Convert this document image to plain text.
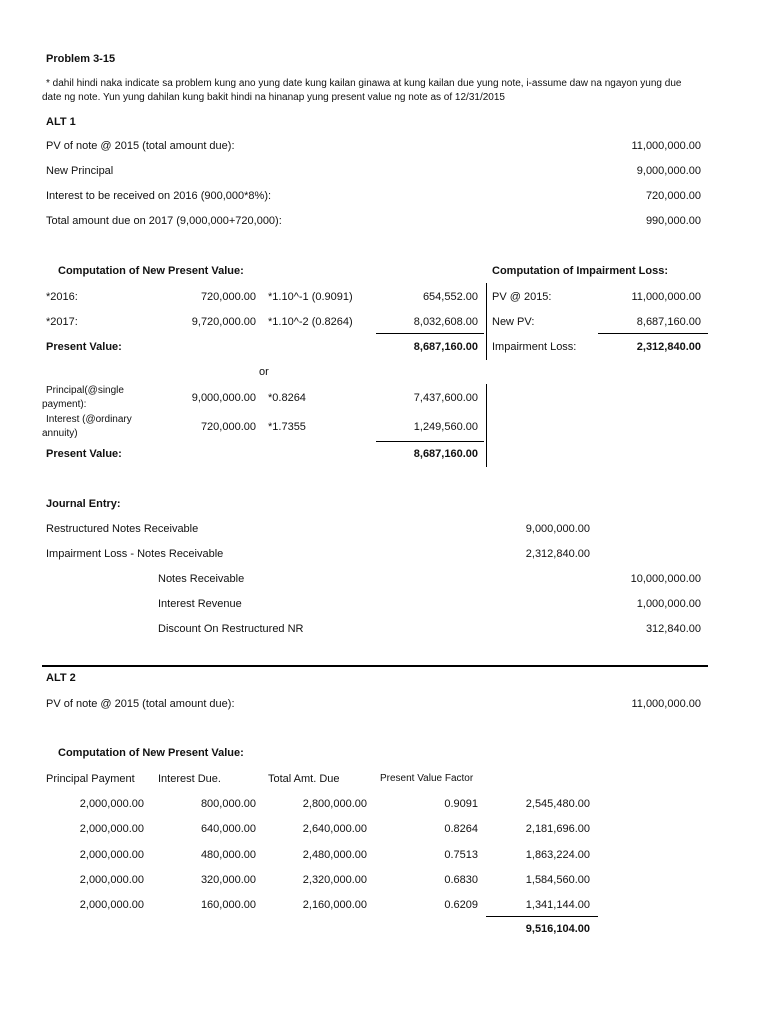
Problem 3-15
* dahil hindi naka indicate sa problem kung ano yung date kung kailan ginawa at kung kailan due yung note, i-assume daw na ngayon yung due
date ng note. Yun yung dahilan kung bakit hindi na hinanap yung present value ng note as of 12/31/2015
ALT 1
PV of note @ 2015 (total amount due):	11,000,000.00
New Principal	9,000,000.00
Interest to be received on 2016 (900,000*8%):	720,000.00
Total amount due on 2017 (9,000,000+720,000):	990,000.00
Computation of New Present Value:
*2016:	720,000.00 *1.10^-1 (0.9091)	654,552.00
*2017:	9,720,000.00 *1.10^-2 (0.8264)	8,032,608.00
Present Value:	8,687,160.00
or
Principal(@single
payment):
9,000,000.00 *0.8264	7,437,600.00
Interest (@ordinary
annuity)
720,000.00 *1.7355	1,249,560.00
Present Value:	8,687,160.00
Computation of Impairment Loss:
PV @ 2015:	11,000,000.00
New PV:	8,687,160.00
Impairment Loss:	2,312,840.00
Journal Entry:
Restructured Notes Receivable	9,000,000.00
Impairment Loss - Notes Receivable	2,312,840.00
Notes Receivable	10,000,000.00
Interest Revenue	1,000,000.00
Discount On Restructured NR	312,840.00
ALT 2
PV of note @ 2015 (total amount due):	11,000,000.00
Computation of New Present Value:
Principal Payment Interest Due.	Total Amt. Due	Present Value Factor
2,000,000.00	800,000.00	2,800,000.00	0.9091	2,545,480.00
2,000,000.00	640,000.00	2,640,000.00	0.8264	2,181,696.00
2,000,000.00	480,000.00	2,480,000.00	0.7513	1,863,224.00
2,000,000.00	320,000.00	2,320,000.00	0.6830	1,584,560.00
2,000,000.00	160,000.00	2,160,000.00	0.6209	1,341,144.00
9,516,104.00
